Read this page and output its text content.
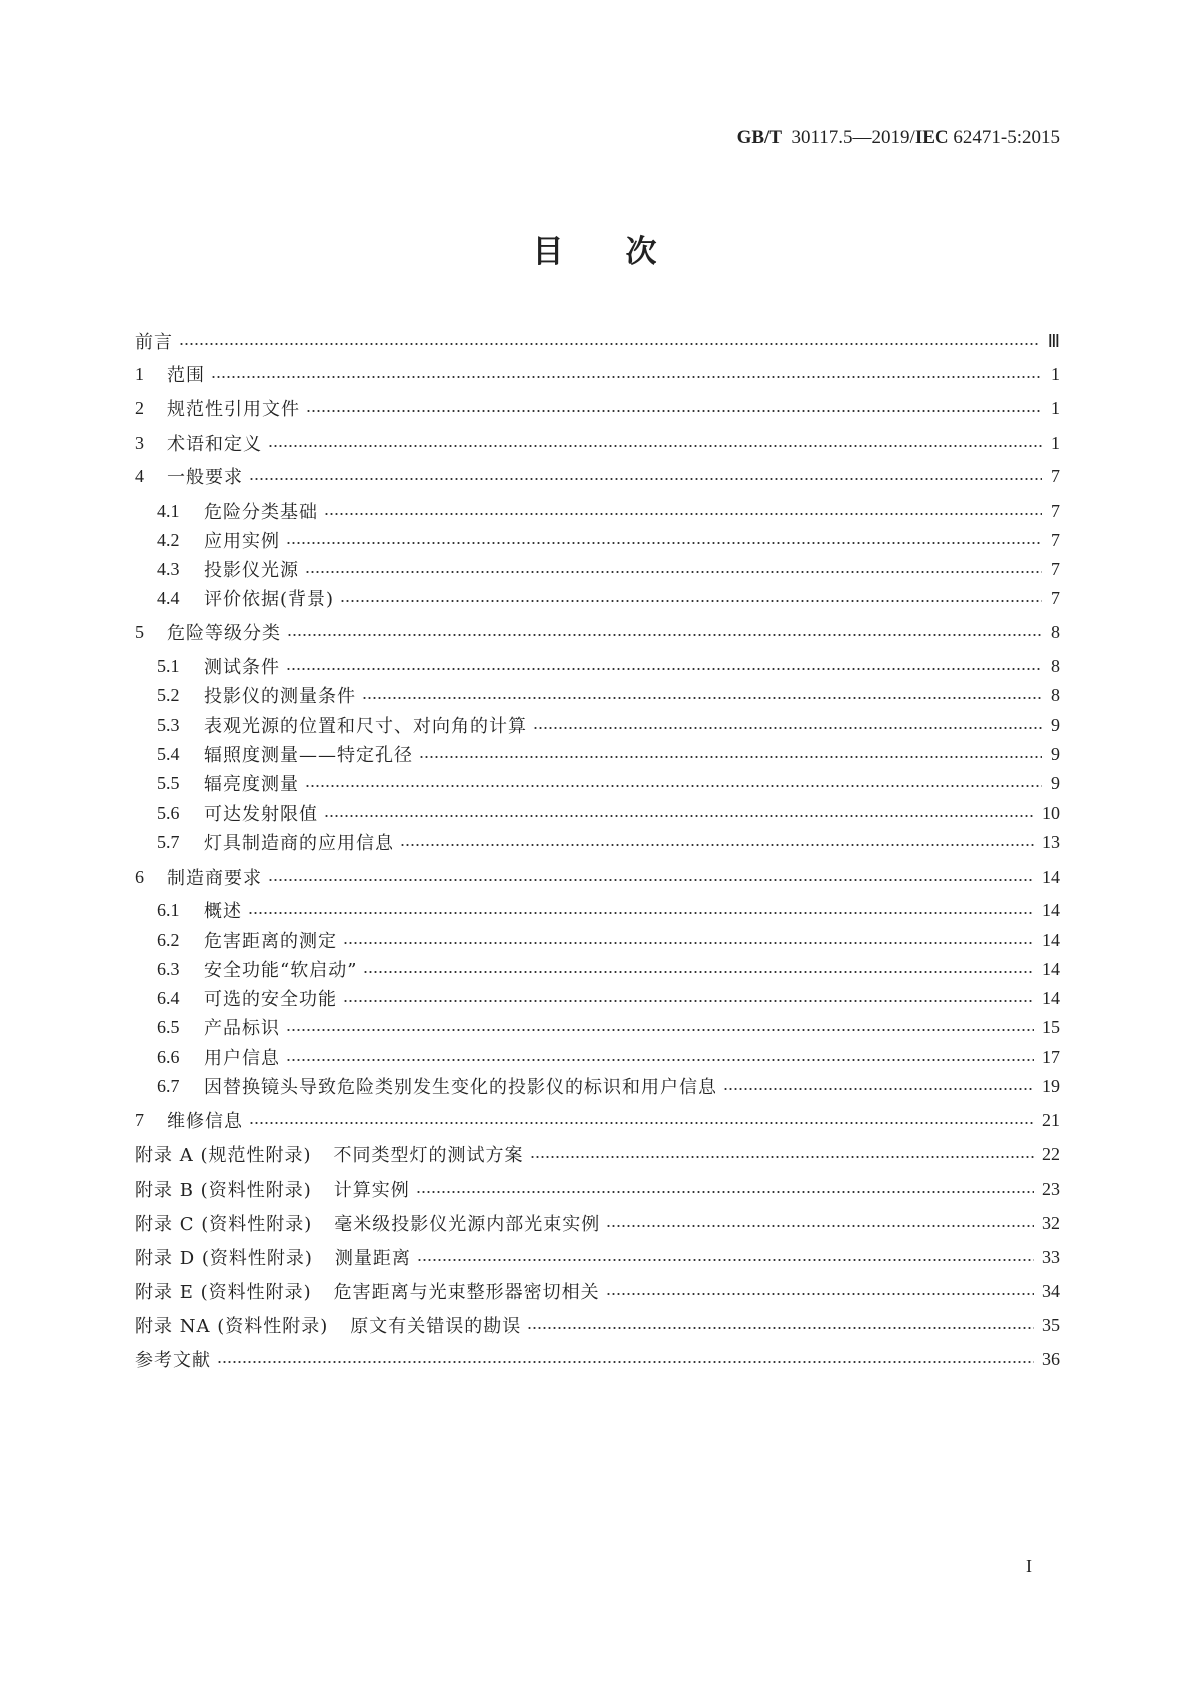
GB/T 30117.5—2019/IEC 62471-5:2015
目 次
前言	Ⅲ
1	范围	1
2	规范性引用文件	1
3	术语和定义	1
4	一般要求	7
4.1	危险分类基础	7
4.2	应用实例	7
4.3	投影仪光源	7
4.4	评价依据(背景)	7
5	危险等级分类	8
5.1	测试条件	8
5.2	投影仪的测量条件	8
5.3	表观光源的位置和尺寸、对向角的计算	9
5.4	辐照度测量——特定孔径	9
5.5	辐亮度测量	9
5.6	可达发射限值	10
5.7	灯具制造商的应用信息	13
6	制造商要求	14
6.1	概述	14
6.2	危害距离的测定	14
6.3	安全功能“软启动”	14
6.4	可选的安全功能	14
6.5	产品标识	15
6.6	用户信息	17
6.7	因替换镜头导致危险类别发生变化的投影仪的标识和用户信息	19
7	维修信息	21
附录 A (规范性附录) 不同类型灯的测试方案	22
附录 B (资料性附录) 计算实例	23
附录 C (资料性附录) 毫米级投影仪光源内部光束实例	32
附录 D (资料性附录) 测量距离	33
附录 E (资料性附录) 危害距离与光束整形器密切相关	34
附录 NA (资料性附录) 原文有关错误的勘误	35
参考文献	36
I
